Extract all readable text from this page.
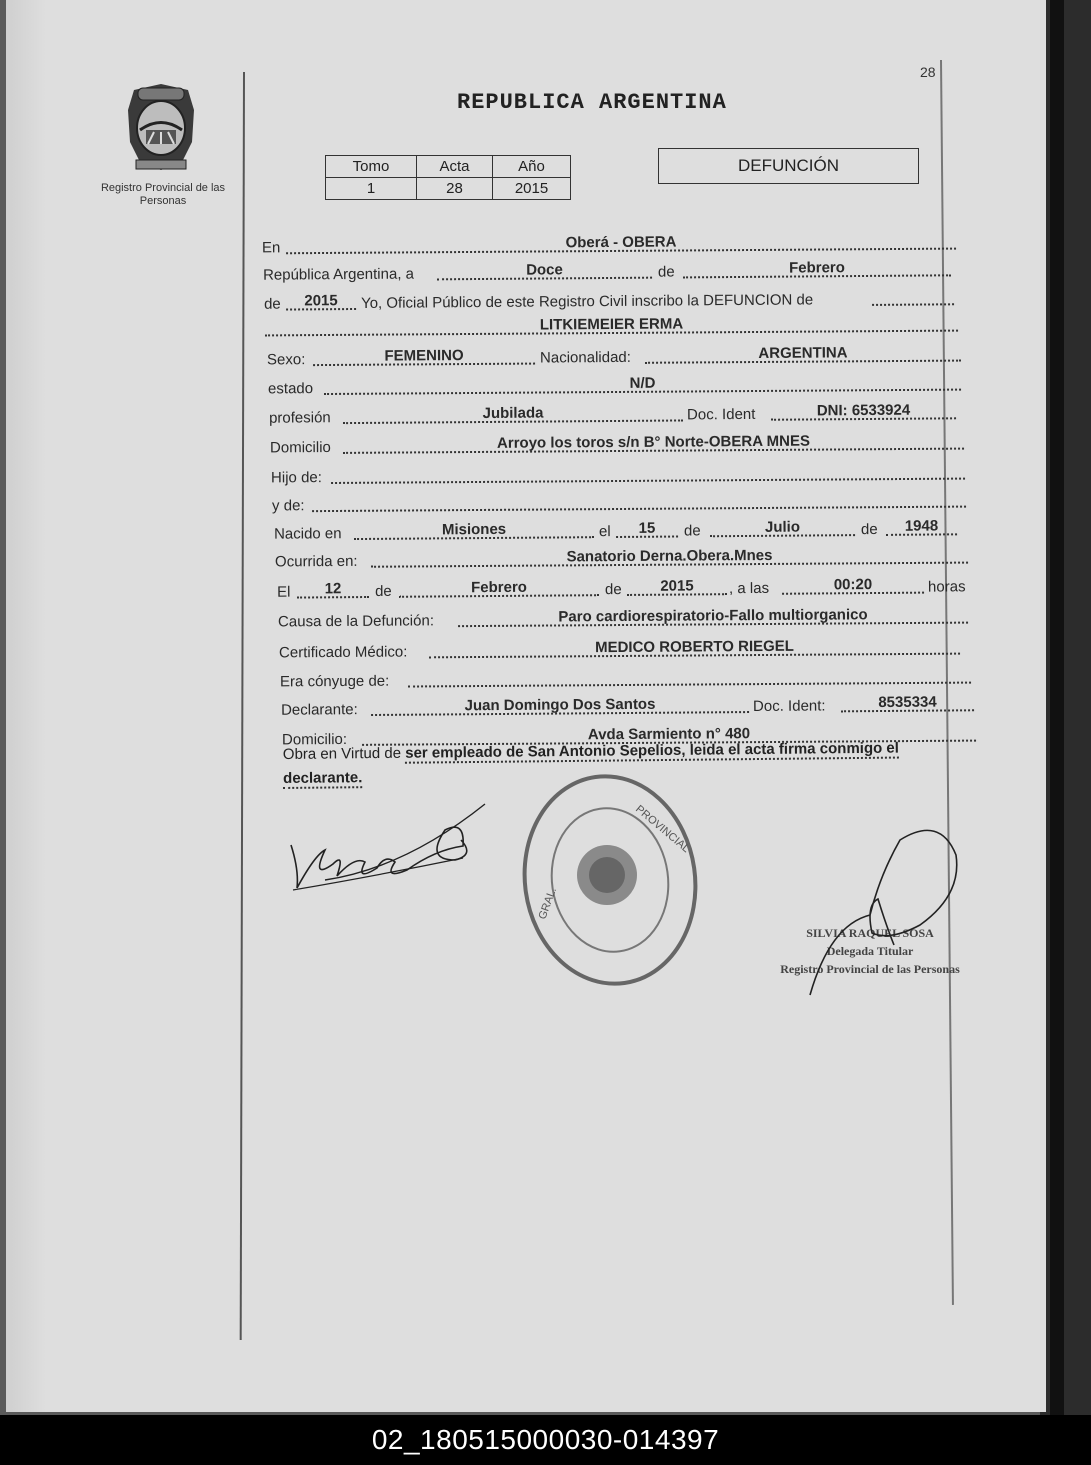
28
Registro Provincial de las Personas
REPUBLICA ARGENTINA
Tomo	Acta	Año
1	28	2015
DEFUNCIÓN
En	Oberá - OBERA
República Argentina, a	Doce	de	Febrero
de	2015	Yo, Oficial Público de este Registro Civil inscribo la DEFUNCION de
LITKIEMEIER ERMA
Sexo:	FEMENINO	Nacionalidad:	ARGENTINA
estado	N/D
profesión	Jubilada	Doc. Ident	DNI: 6533924
Domicilio	Arroyo los toros s/n B° Norte-OBERA MNES
Hijo de:
y de:
Nacido en	Misiones	el	15	de	Julio	de	1948
Ocurrida en:	Sanatorio Derna.Obera.Mnes
El	12	de	Febrero	de	2015	, a las	00:20	horas
Causa de la Defunción:	Paro cardiorespiratorio-Fallo multiorganico
Certificado Médico:	MEDICO ROBERTO RIEGEL
Era cónyuge de:
Declarante:	Juan Domingo Dos Santos	Doc. Ident:	8535334
Domicilio:	Avda Sarmiento n° 480
Obra en Virtud de ser empleado de San Antonio Sepelios, leida el acta firma conmigo el
declarante.
GRAL.
PROVINCIAL
SILVIA RAQUEL SOSA
Delegada Titular
Registro Provincial de las Personas
02_180515000030-014397
